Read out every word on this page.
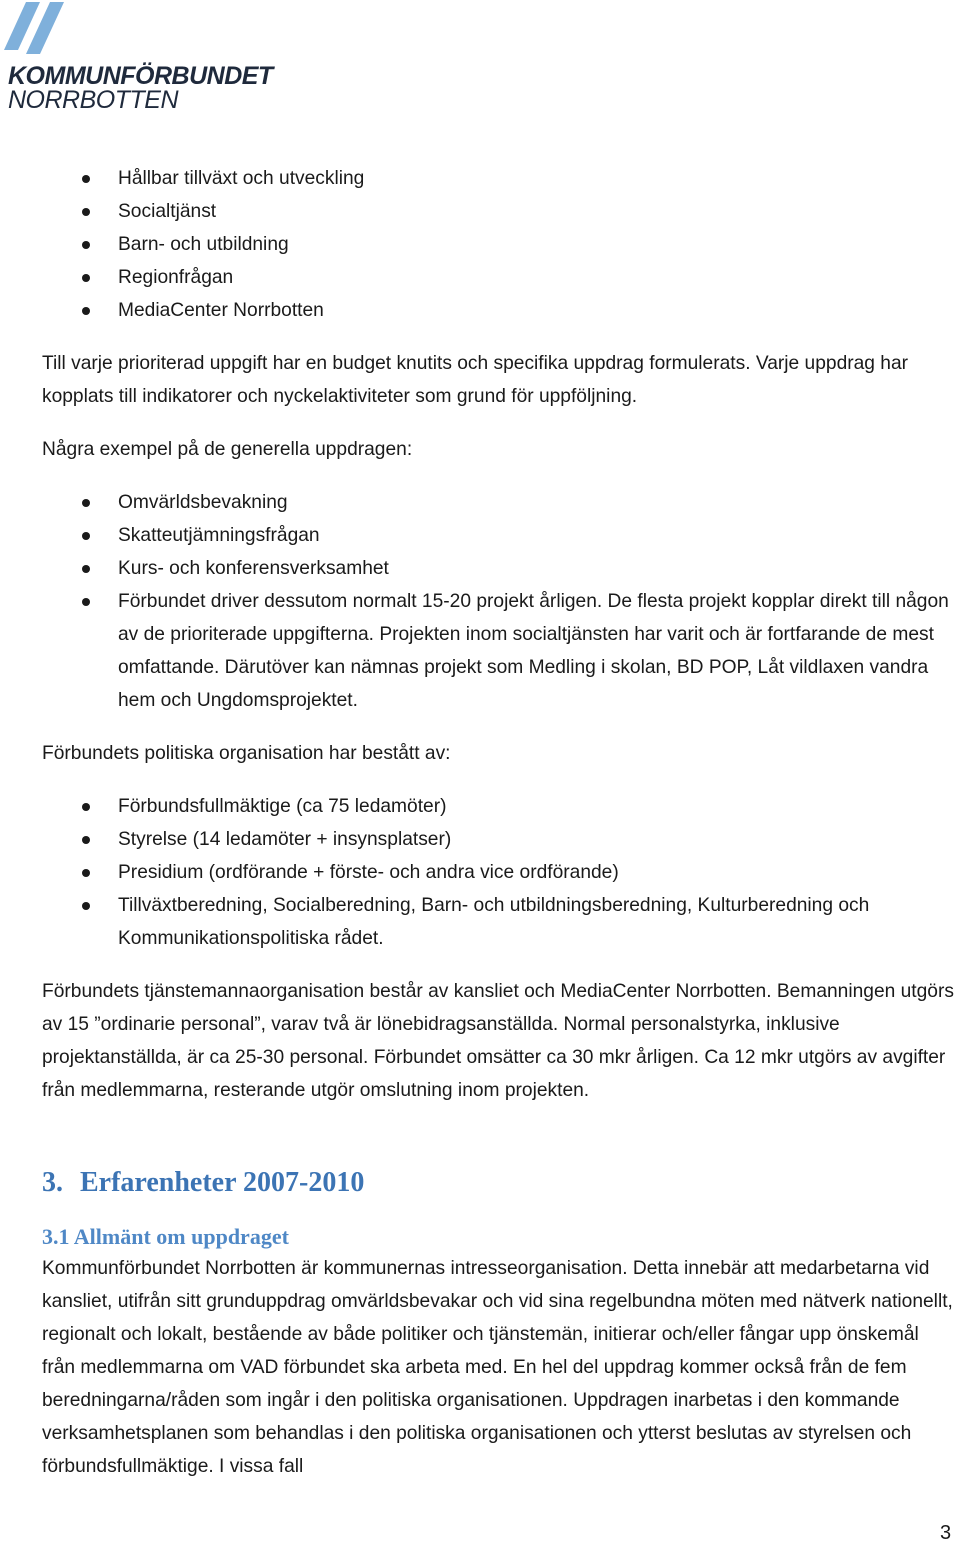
KOMMUNFÖRBUNDET
NORRBOTTEN
Hållbar tillväxt och utveckling
Socialtjänst
Barn- och utbildning
Regionfrågan
MediaCenter Norrbotten

Till varje prioriterad uppgift har en budget knutits och specifika uppdrag formulerats. Varje uppdrag har kopplats till indikatorer och nyckelaktiviteter som grund för uppföljning.

Några exempel på de generella uppdragen:

Omvärldsbevakning
Skatteutjämningsfrågan
Kurs- och konferensverksamhet
Förbundet driver dessutom normalt 15-20 projekt årligen. De flesta projekt kopplar direkt till någon av de prioriterade uppgifterna. Projekten inom socialtjänsten har varit och är fortfarande de mest omfattande. Därutöver kan nämnas projekt som Medling i skolan, BD POP, Låt vildlaxen vandra hem och Ungdomsprojektet.

Förbundets politiska organisation har bestått av:

Förbundsfullmäktige (ca 75 ledamöter)
Styrelse (14 ledamöter + insynsplatser)
Presidium (ordförande + förste- och andra vice ordförande)
Tillväxtberedning, Socialberedning, Barn- och utbildningsberedning, Kulturberedning och Kommunikationspolitiska rådet.

Förbundets tjänstemannaorganisation består av kansliet och MediaCenter Norrbotten. Bemanningen utgörs av 15 ”ordinarie personal”, varav två är lönebidragsanställda. Normal personalstyrka, inklusive projektanställda, är ca 25-30 personal. Förbundet omsätter ca 30 mkr årligen. Ca 12 mkr utgörs av avgifter från medlemmarna, resterande utgör omslutning inom projekten.

3. Erfarenheter 2007-2010
3.1 Allmänt om uppdraget

Kommunförbundet Norrbotten är kommunernas intresseorganisation. Detta innebär att medarbetarna vid kansliet, utifrån sitt grunduppdrag omvärldsbevakar och vid sina regelbundna möten med nätverk nationellt, regionalt och lokalt, bestående av både politiker och tjänstemän, initierar och/eller fångar upp önskemål från medlemmarna om VAD förbundet ska arbeta med. En hel del uppdrag kommer också från de fem beredningarna/råden som ingår i den politiska organisationen. Uppdragen inarbetas i den kommande verksamhetsplanen som behandlas i den politiska organisationen och ytterst beslutas av styrelsen och förbundsfullmäktige. I vissa fall

3
